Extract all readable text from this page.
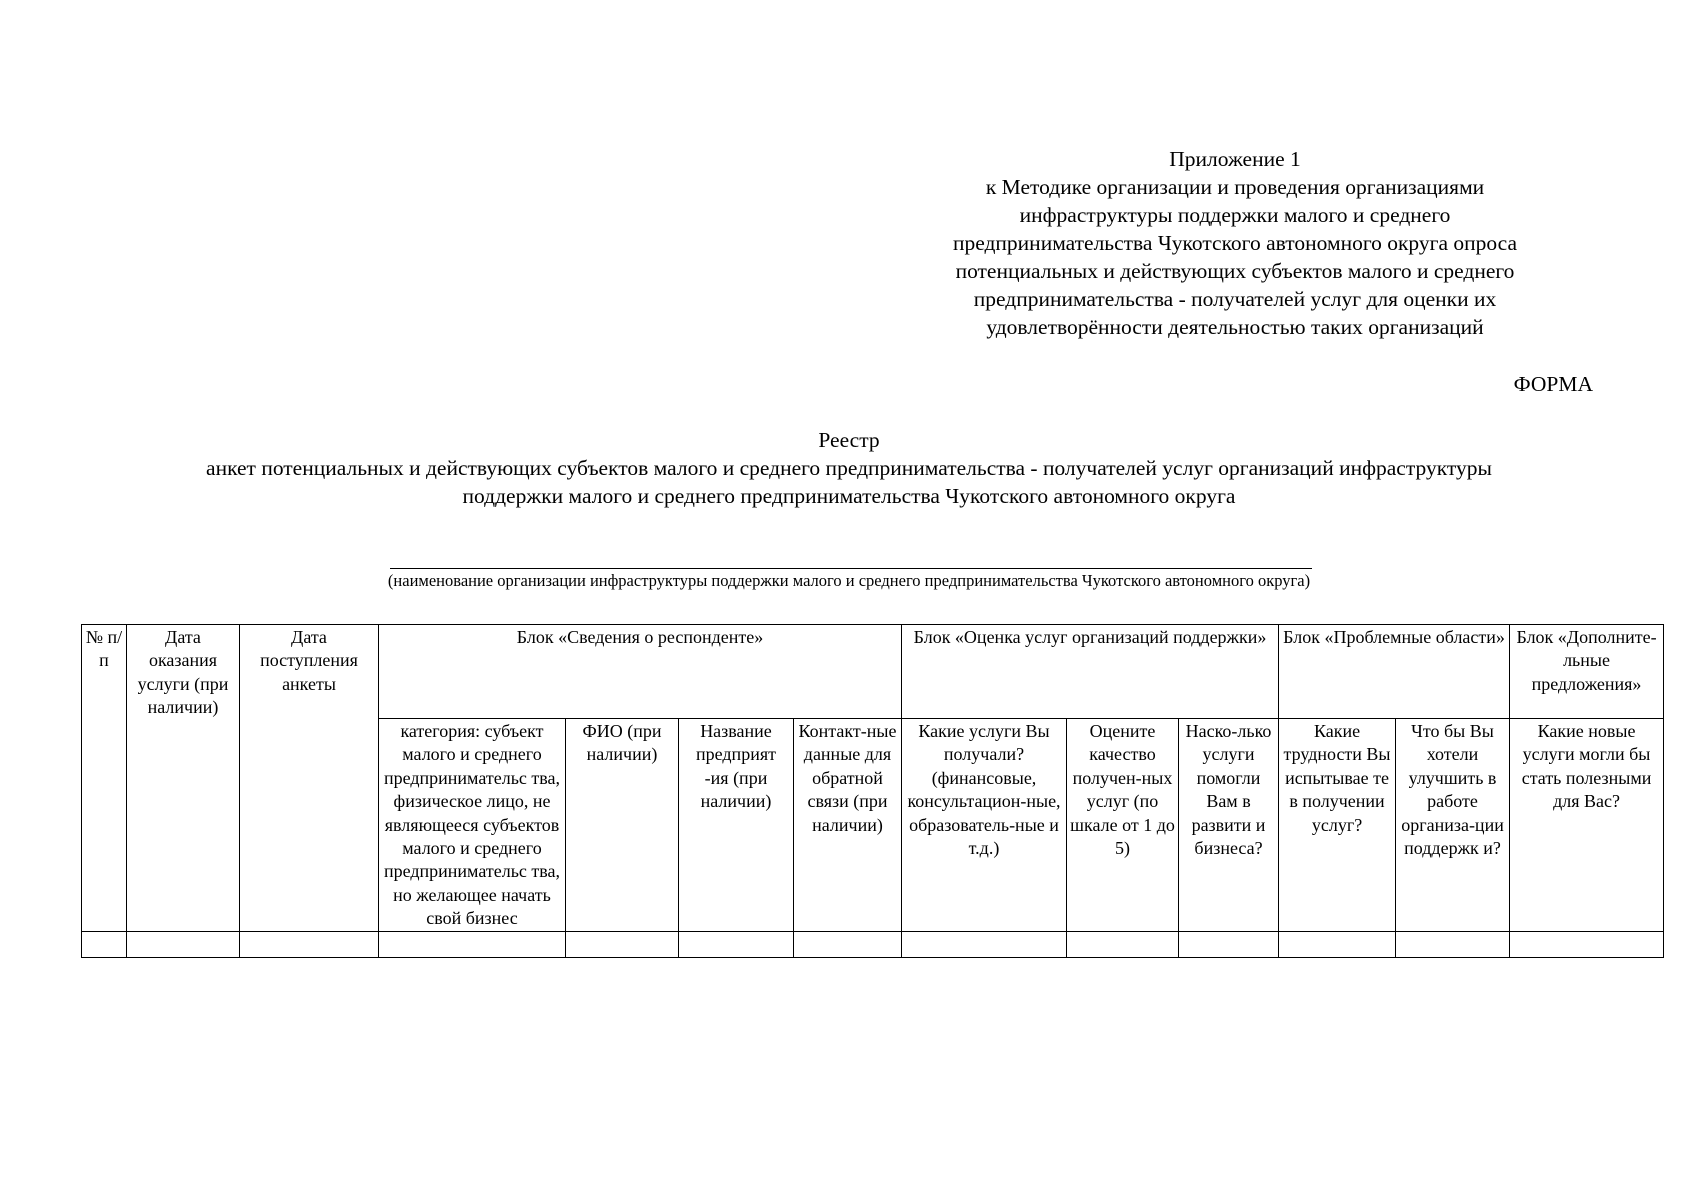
Приложение 1
к Методике организации и проведения организациями
инфраструктуры поддержки малого и среднего
предпринимательства Чукотского автономного округа опроса
потенциальных и действующих субъектов малого и среднего
предпринимательства - получателей услуг для оценки их
удовлетворённости деятельностью таких организаций
ФОРМА
Реестр
анкет потенциальных и действующих субъектов малого и среднего предпринимательства - получателей услуг организаций инфраструктуры
поддержки малого и среднего предпринимательства Чукотского автономного округа
(наименование организации инфраструктуры поддержки малого и среднего предпринимательства Чукотского автономного округа)
№ п/п	Дата оказания услуги (при наличии)	Дата поступления анкеты	Блок «Сведения о респонденте»				Блок «Оценка услуг организаций поддержки»			Блок «Проблемные области»		Блок «Дополните-льные предложения»
			категория: субъект малого и среднего предпринимательс тва, физическое лицо, не являющееся субъектов малого и среднего предпринимательс тва, но желающее начать свой бизнес	ФИО (при наличии)	Название предприят -ия (при наличии)	Контакт-ные данные для обратной связи (при наличии)	Какие услуги Вы получали? (финансовые, консультацион-ные, образователь-ные и т.д.)	Оцените качество получен-ных услуг (по шкале от 1 до 5)	Наско-лько услуги помогли Вам в развити и бизнеса?	Какие трудности Вы испытывае те в получении услуг?	Что бы Вы хотели улучшить в работе организа-ции поддержк и?	Какие новые услуги могли бы стать полезными для Вас?
